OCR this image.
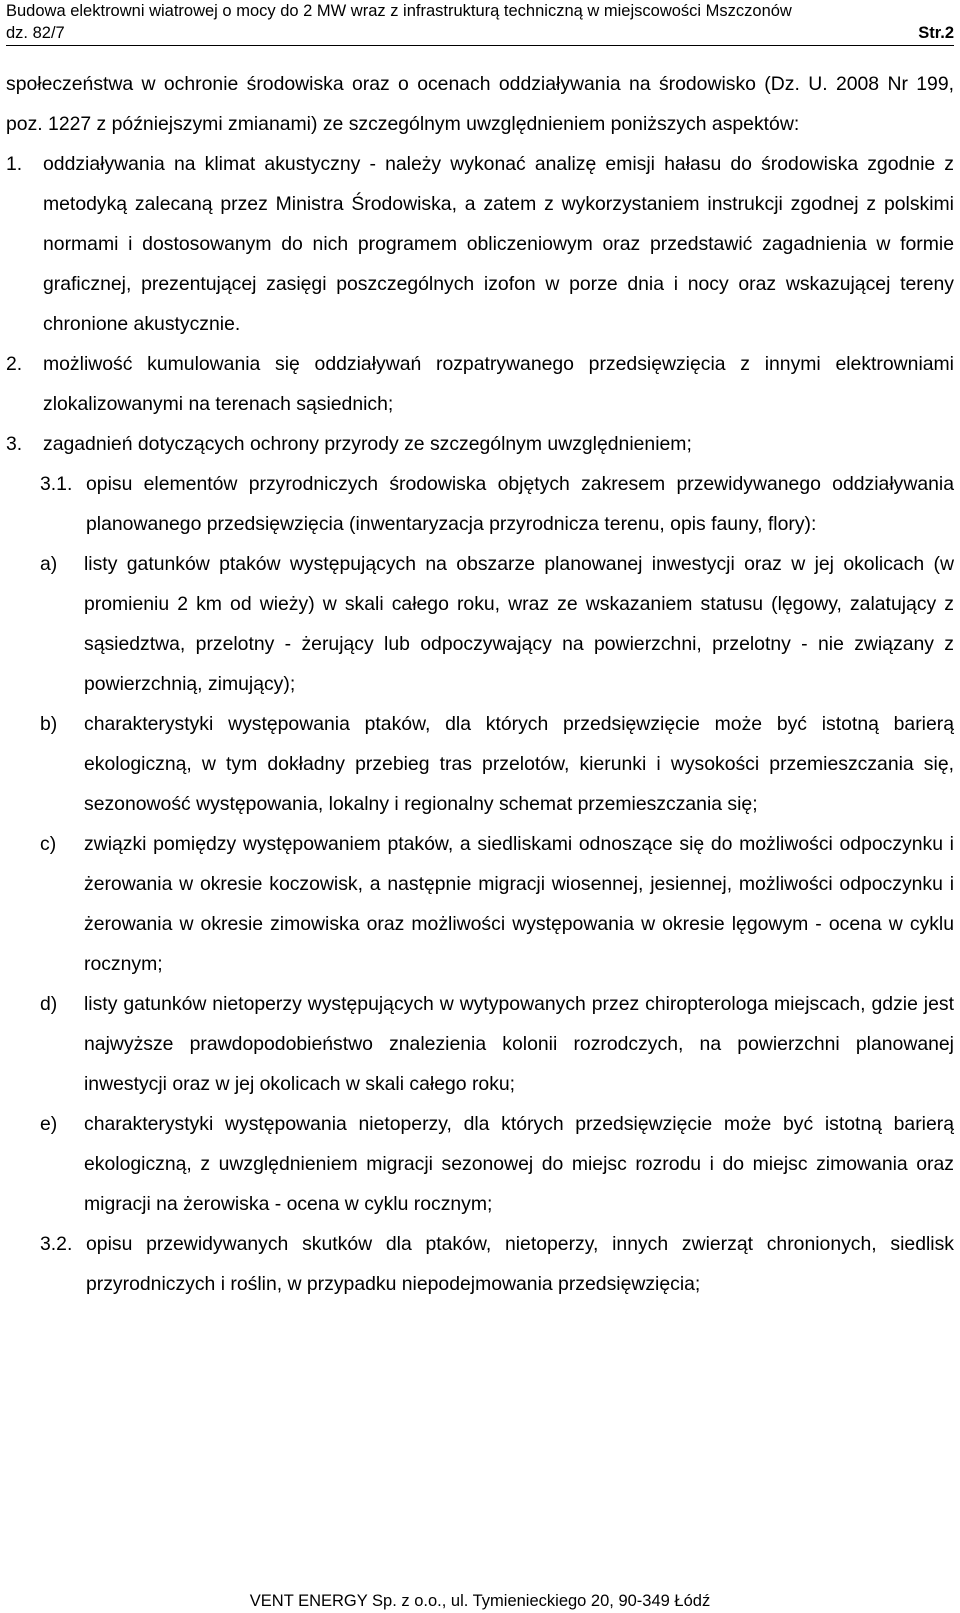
Budowa elektrowni wiatrowej o mocy do 2 MW wraz z infrastrukturą techniczną w miejscowości Mszczonów
dz. 82/7	Str.2

społeczeństwa w ochronie środowiska oraz o ocenach oddziaływania na środowisko (Dz. U. 2008 Nr 199, poz. 1227 z późniejszymi zmianami) ze szczególnym uwzględnieniem poniższych aspektów:

1.	oddziaływania na klimat akustyczny - należy wykonać analizę emisji hałasu do środowiska zgodnie z metodyką zalecaną przez Ministra Środowiska, a zatem z wykorzystaniem instrukcji zgodnej z polskimi normami i dostosowanym do nich programem obliczeniowym oraz przedstawić zagadnienia w formie graficznej, prezentującej zasięgi poszczególnych izofon w porze dnia i nocy oraz wskazującej tereny chronione akustycznie.
2.	możliwość kumulowania się oddziaływań rozpatrywanego przedsięwzięcia z innymi elektrowniami zlokalizowanymi na terenach sąsiednich;
3.	zagadnień dotyczących ochrony przyrody ze szczególnym uwzględnieniem;
3.1. opisu elementów przyrodniczych środowiska objętych zakresem przewidywanego oddziaływania planowanego przedsięwzięcia (inwentaryzacja przyrodnicza terenu, opis fauny, flory):
a)	listy gatunków ptaków występujących na obszarze planowanej inwestycji oraz w jej okolicach (w promieniu 2 km od wieży) w skali całego roku, wraz ze wskazaniem statusu (lęgowy, zalatujący z sąsiedztwa, przelotny - żerujący lub odpoczywający na powierzchni, przelotny - nie związany z powierzchnią, zimujący);
b)	charakterystyki występowania ptaków, dla których przedsięwzięcie może być istotną barierą ekologiczną, w tym dokładny przebieg tras przelotów, kierunki i wysokości przemieszczania się, sezonowość występowania, lokalny i regionalny schemat przemieszczania się;
c)	związki pomiędzy występowaniem ptaków, a siedliskami odnoszące się do możliwości odpoczynku i żerowania w okresie koczowisk, a następnie migracji wiosennej, jesiennej, możliwości odpoczynku i żerowania w okresie zimowiska oraz możliwości występowania w okresie lęgowym - ocena w cyklu rocznym;
d)	listy gatunków nietoperzy występujących w wytypowanych przez chiropterologa miejscach, gdzie jest najwyższe prawdopodobieństwo znalezienia kolonii rozrodczych, na powierzchni planowanej inwestycji oraz w jej okolicach w skali całego roku;
e)	charakterystyki występowania nietoperzy, dla których przedsięwzięcie może być istotną barierą ekologiczną, z uwzględnieniem migracji sezonowej do miejsc rozrodu i do miejsc zimowania oraz migracji na żerowiska - ocena w cyklu rocznym;
3.2. opisu przewidywanych skutków dla ptaków, nietoperzy, innych zwierząt chronionych, siedlisk przyrodniczych i roślin, w przypadku niepodejmowania przedsięwzięcia;
VENT ENERGY Sp. z o.o., ul. Tymienieckiego 20, 90-349 Łódź
